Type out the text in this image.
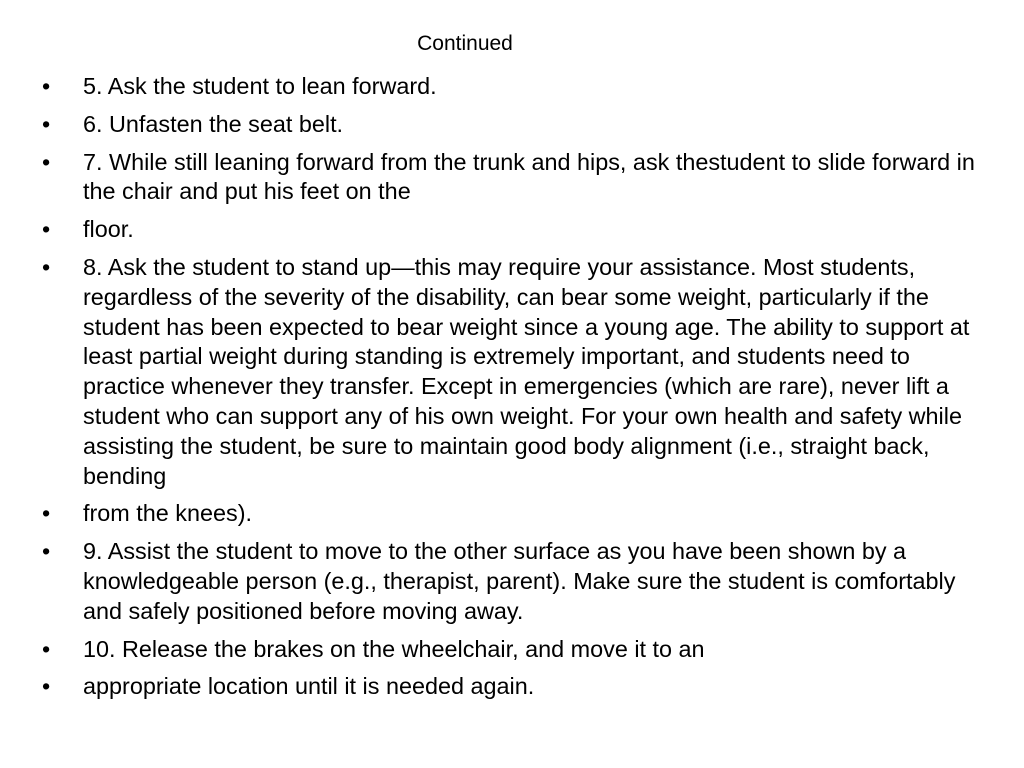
Continued
•	5. Ask the student to lean forward.
•	6. Unfasten the seat belt.
•	7. While still leaning forward from the trunk and hips, ask thestudent to slide forward in the chair and put his feet on the
•	floor.
•	8. Ask the student to stand up—this may require your assistance. Most students, regardless of the severity of the disability, can bear some weight, particularly if the student has been expected to bear weight since a young age. The ability to support at least partial weight during standing is extremely important, and students need to practice whenever they transfer. Except in emergencies (which are rare), never lift a student who can support any of his own weight. For your own health and safety while assisting the student, be sure to maintain good body alignment (i.e., straight back, bending
•	from the knees).
•	9. Assist the student to move to the other surface as you have been shown by a knowledgeable person (e.g., therapist, parent). Make sure the student is comfortably and safely positioned before moving away.
•	10. Release the brakes on the wheelchair, and move it to an
•	appropriate location until it is needed again.
